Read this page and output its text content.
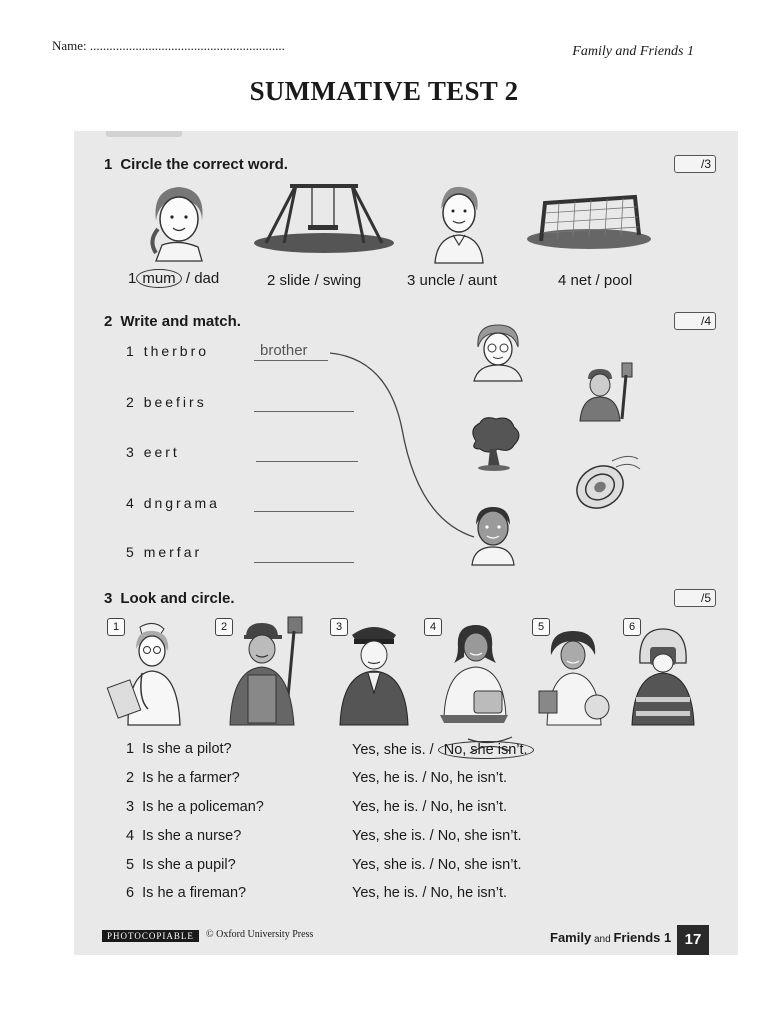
Name: ............................................................	Family and Friends 1
SUMMATIVE TEST 2
1 Circle the correct word.	/3
1 mum / dad	2 slide / swing	3 uncle / aunt	4 net / pool
2 Write and match.	/4
1 therbro	brother
2 beefirs
3 eert
4 dngrama
5 merfar
3 Look and circle.	/5
1	2	3	4	5	6
1 Is she a pilot?	Yes, she is. / No, she isn’t.
2 Is he a farmer?	Yes, he is. / No, he isn’t.
3 Is he a policeman?	Yes, he is. / No, he isn’t.
4 Is she a nurse?	Yes, she is. / No, she isn’t.
5 Is she a pupil?	Yes, she is. / No, she isn’t.
6 Is he a fireman?	Yes, he is. / No, he isn’t.
PHOTOCOPIABLE	© Oxford University Press	Family and Friends 1 17
